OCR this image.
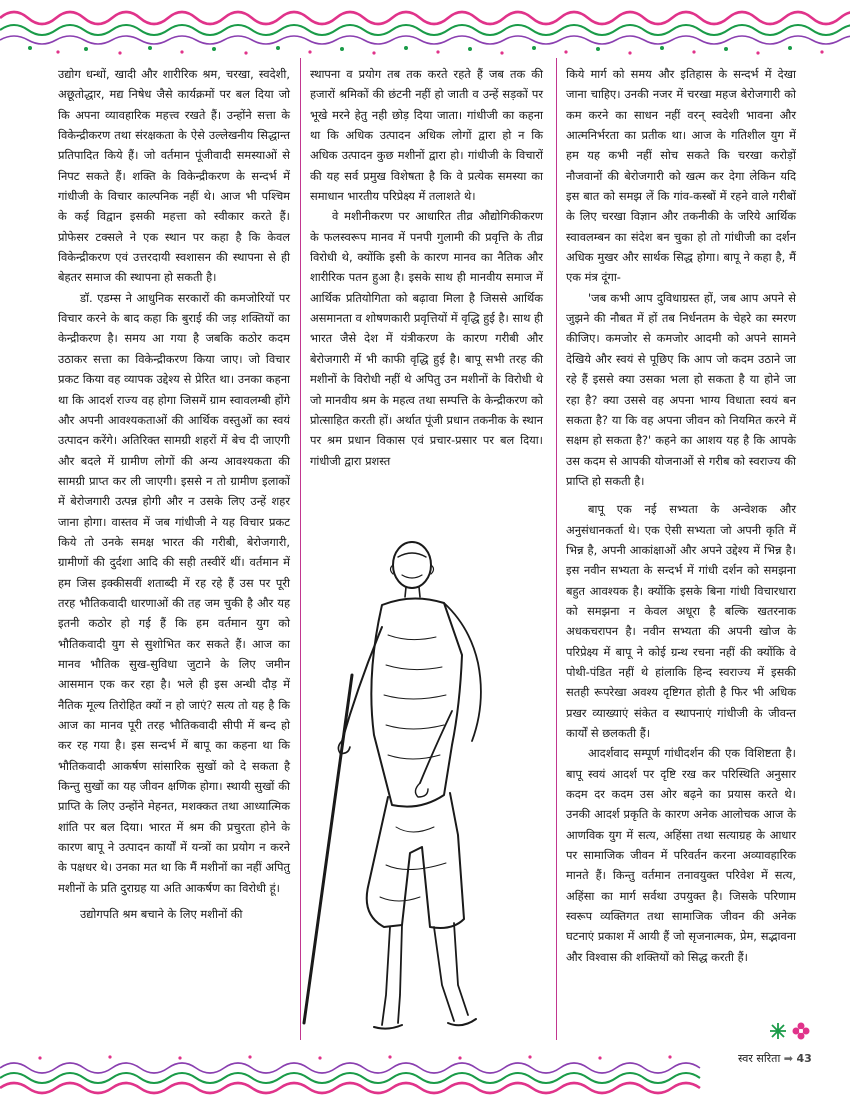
उद्योग धन्धों, खादी और शारीरिक श्रम, चरखा, स्वदेशी, अछूतोद्धार, मद्य निषेध जैसे कार्यक्रमों पर बल दिया जो कि अपना व्यावहारिक महत्त्व रखते हैं। उन्होंने सत्ता के विकेन्द्रीकरण तथा संरक्षकता के ऐसे उल्लेखनीय सिद्धान्त प्रतिपादित किये हैं। जो वर्तमान पूंजीवादी समस्याओं से निपट सकते हैं। शक्ति के विकेन्द्रीकरण के सन्दर्भ में गांधीजी के विचार काल्पनिक नहीं थे। आज भी पश्चिम के कई विद्वान इसकी महत्ता को स्वीकार करते हैं। प्रोफेसर टक्सले ने एक स्थान पर कहा है कि केवल विकेन्द्रीकरण एवं उत्तरदायी स्वशासन की स्थापना से ही बेहतर समाज की स्थापना हो सकती है।

डॉ. एडम्स ने आधुनिक सरकारों की कमजोरियों पर विचार करने के बाद कहा कि बुराई की जड़ शक्तियों का केन्द्रीकरण है। समय आ गया है जबकि कठोर कदम उठाकर सत्ता का विकेन्द्रीकरण किया जाए। जो विचार प्रकट किया वह व्यापक उद्देश्य से प्रेरित था। उनका कहना था कि आदर्श राज्य वह होगा जिसमें ग्राम स्वावलम्बी होंगे और अपनी आवश्यकताओं की आर्थिक वस्तुओं का स्वयं उत्पादन करेंगे। अतिरिक्त सामग्री शहरों में बेच दी जाएगी और बदले में ग्रामीण लोगों की अन्य आवश्यकता की सामग्री प्राप्त कर ली जाएगी। इससे न तो ग्रामीण इलाकों में बेरोजगारी उत्पन्न होगी और न उसके लिए उन्हें शहर जाना होगा। वास्तव में जब गांधीजी ने यह विचार प्रकट किये तो उनके समक्ष भारत की गरीबी, बेरोजगारी, ग्रामीणों की दुर्दशा आदि की सही तस्वीरें थीं। वर्तमान में हम जिस इक्कीसवीं शताब्दी में रह रहे हैं उस पर पूरी तरह भौतिकवादी धारणाओं की तह जम चुकी है और यह इतनी कठोर हो गई हैं कि हम वर्तमान युग को भौतिकवादी युग से सुशोभित कर सकते हैं। आज का मानव भौतिक सुख-सुविधा जुटाने के लिए जमीन आसमान एक कर रहा है। भले ही इस अन्धी दौड़ में नैतिक मूल्य तिरोहित क्यों न हो जाएं? सत्य तो यह है कि आज का मानव पूरी तरह भौतिकवादी सीपी में बन्द हो कर रह गया है। इस सन्दर्भ में बापू का कहना था कि भौतिकवादी आकर्षण सांसारिक सुखों को दे सकता है किन्तु सुखों का यह जीवन क्षणिक होगा। स्थायी सुखों की प्राप्ति के लिए उन्होंने मेहनत, मशक्कत तथा आध्यात्मिक शांति पर बल दिया। भारत में श्रम की प्रचुरता होने के कारण बापू ने उत्पादन कार्यों में यन्त्रों का प्रयोग न करने के पक्षधर थे। उनका मत था कि मैं मशीनों का नहीं अपितु मशीनों के प्रति दुराग्रह या अति आकर्षण का विरोधी हूं।

उद्योगपति श्रम बचाने के लिए मशीनों की

स्थापना व प्रयोग तब तक करते रहते हैं जब तक की हजारों श्रमिकों की छंटनी नहीं हो जाती व उन्हें सड़कों पर भूखे मरने हेतु नही छोड़ दिया जाता। गांधीजी का कहना था कि अधिक उत्पादन अधिक लोगों द्वारा हो न कि अधिक उत्पादन कुछ मशीनों द्वारा हो। गांधीजी के विचारों की यह सर्व प्रमुख विशेषता है कि वे प्रत्येक समस्या का समाधान भारतीय परिप्रेक्ष्य में तलाशते थे।

वे मशीनीकरण पर आधारित तीव्र औद्योगिकीकरण के फलस्वरूप मानव में पनपी गुलामी की प्रवृत्ति के तीव्र विरोधी थे, क्योंकि इसी के कारण मानव का नैतिक और शारीरिक पतन हुआ है। इसके साथ ही मानवीय समाज में आर्थिक प्रतियोगिता को बढ़ावा मिला है जिससे आर्थिक असमानता व शोषणकारी प्रवृत्तियों में वृद्धि हुई है। साथ ही भारत जैसे देश में यंत्रीकरण के कारण गरीबी और बेरोजगारी में भी काफी वृद्धि हुई है। बापू सभी तरह की मशीनों के विरोधी नहीं थे अपितु उन मशीनों के विरोधी थे जो मानवीय श्रम के महत्व तथा सम्पत्ति के केन्द्रीकरण को प्रोत्साहित करती हों। अर्थात पूंजी प्रधान तकनीक के स्थान पर श्रम प्रधान विकास एवं प्रचार-प्रसार पर बल दिया। गांधीजी द्वारा प्रशस्त

किये मार्ग को समय और इतिहास के सन्दर्भ में देखा जाना चाहिए। उनकी नजर में चरखा महज बेरोजगारी को कम करने का साधन नहीं वरन् स्वदेशी भावना और आत्मनिर्भरता का प्रतीक था। आज के गतिशील युग में हम यह कभी नहीं सोच सकते कि चरखा करोड़ों नौजवानों की बेरोजगारी को खत्म कर देगा लेकिन यदि इस बात को समझ लें कि गांव-कस्बों में रहने वाले गरीबों के लिए चरखा विज्ञान और तकनीकी के जरिये आर्थिक स्वावलम्बन का संदेश बन चुका हो तो गांधीजी का दर्शन अधिक मुखर और सार्थक सिद्ध होगा। बापू ने कहा है, मैं एक मंत्र दूंगा-

'जब कभी आप दुविधाग्रस्त हों, जब आप अपने से जुझने की नौबत में हों तब निर्धनतम के चेहरे का स्मरण कीजिए। कमजोर से कमजोर आदमी को अपने सामने देखिये और स्वयं से पूछिए कि आप जो कदम उठाने जा रहे हैं इससे क्या उसका भला हो सकता है या होने जा रहा है? क्या उससे वह अपना भाग्य विधाता स्वयं बन सकता है? या कि वह अपना जीवन को नियमित करने में सक्षम हो सकता है?' कहने का आशय यह है कि आपके उस कदम से आपकी योजनाओं से गरीब को स्वराज्य की प्राप्ति हो सकती है।

बापू एक नई सभ्यता के अन्वेशक और अनुसंधानकर्ता थे। एक ऐसी सभ्यता जो अपनी कृति में भिन्न है, अपनी आकांक्षाओं और अपने उद्देश्य में भिन्न है। इस नवीन सभ्यता के सन्दर्भ में गांधी दर्शन को समझना बहुत आवश्यक है। क्योंकि इसके बिना गांधी विचारधारा को समझना न केवल अधूरा है बल्कि खतरनाक अधकचरापन है। नवीन सभ्यता की अपनी खोज के परिप्रेक्ष्य में बापू ने कोई ग्रन्थ रचना नहीं की क्योंकि वे पोथी-पंडित नहीं थे हांलाकि हिन्द स्वराज्य में इसकी सतही रूपरेखा अवश्य दृष्टिगत होती है फिर भी अधिक प्रखर व्याख्याएं संकेत व स्थापनाएं गांधीजी के जीवन्त कार्यों से छलकती हैं।

आदर्शवाद सम्पूर्ण गांधीदर्शन की एक विशिष्टता है। बापू स्वयं आदर्श पर दृष्टि रख कर परिस्थिति अनुसार कदम दर कदम उस ओर बढ़ने का प्रयास करते थे। उनकी आदर्श प्रकृति के कारण अनेक आलोचक आज के आणविक युग में सत्य, अहिंसा तथा सत्याग्रह के आधार पर सामाजिक जीवन में परिवर्तन करना अव्यावहारिक मानते हैं। किन्तु वर्तमान तनावयुक्त परिवेश में सत्य, अहिंसा का मार्ग सर्वथा उपयुक्त है। जिसके परिणाम स्वरूप व्यक्तिगत तथा सामाजिक जीवन की अनेक घटनाएं प्रकाश में आयी हैं जो सृजनात्मक, प्रेम, सद्भावना और विश्वास की शक्तियों को सिद्ध करती हैं।

स्वर सरिता ➡ 43
